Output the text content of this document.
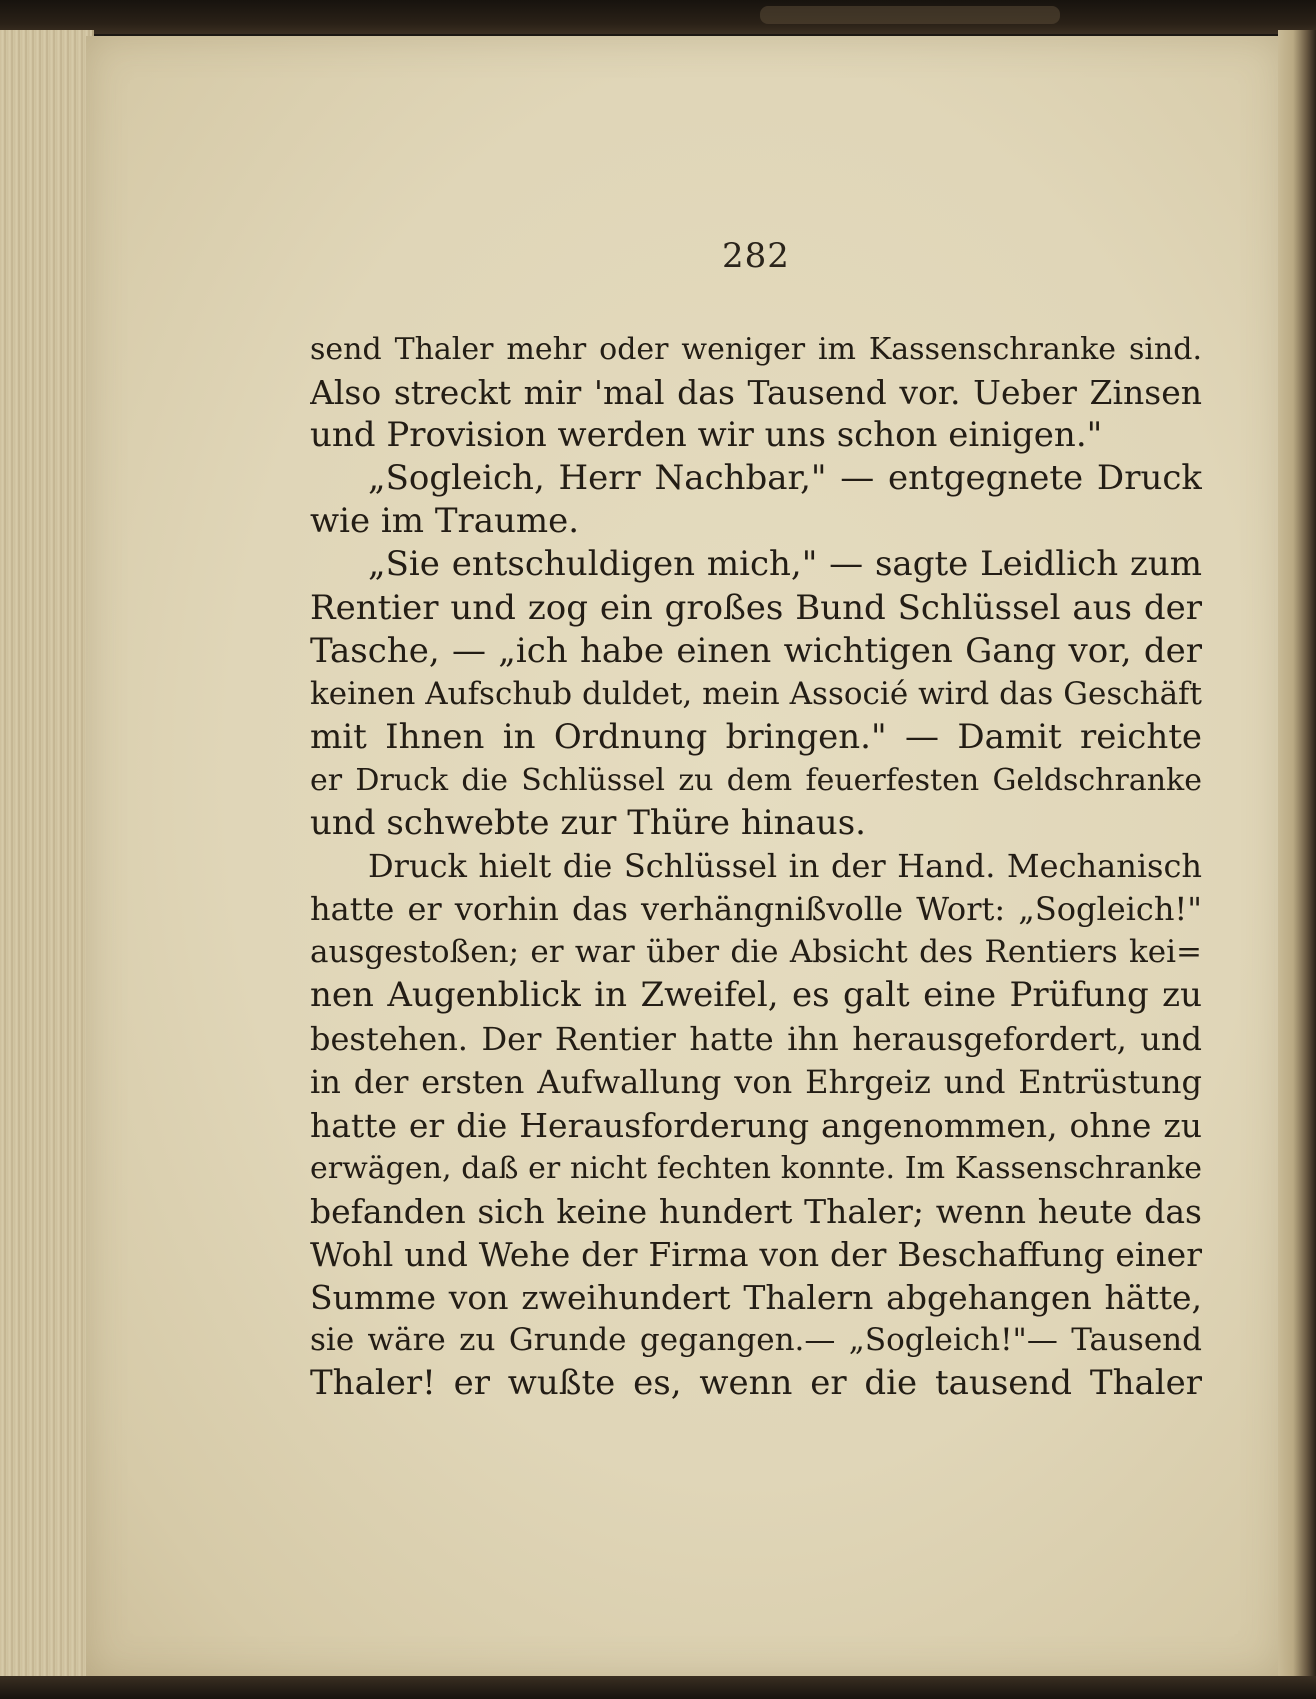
282
send Thaler mehr oder weniger im Kassenschranke sind.
Also streckt mir 'mal das Tausend vor. Ueber Zinsen
und Provision werden wir uns schon einigen."
„Sogleich, Herr Nachbar," — entgegnete Druck
wie im Traume.
„Sie entschuldigen mich," — sagte Leidlich zum
Rentier und zog ein großes Bund Schlüssel aus der
Tasche, — „ich habe einen wichtigen Gang vor, der
keinen Aufschub duldet, mein Associé wird das Geschäft
mit Ihnen in Ordnung bringen." — Damit reichte
er Druck die Schlüssel zu dem feuerfesten Geldschranke
und schwebte zur Thüre hinaus.
Druck hielt die Schlüssel in der Hand. Mechanisch
hatte er vorhin das verhängnißvolle Wort: „Sogleich!"
ausgestoßen; er war über die Absicht des Rentiers kei=
nen Augenblick in Zweifel, es galt eine Prüfung zu
bestehen. Der Rentier hatte ihn herausgefordert, und
in der ersten Aufwallung von Ehrgeiz und Entrüstung
hatte er die Herausforderung angenommen, ohne zu
erwägen, daß er nicht fechten konnte. Im Kassenschranke
befanden sich keine hundert Thaler; wenn heute das
Wohl und Wehe der Firma von der Beschaffung einer
Summe von zweihundert Thalern abgehangen hätte,
sie wäre zu Grunde gegangen.— „Sogleich!"— Tausend
Thaler! er wußte es, wenn er die tausend Thaler
